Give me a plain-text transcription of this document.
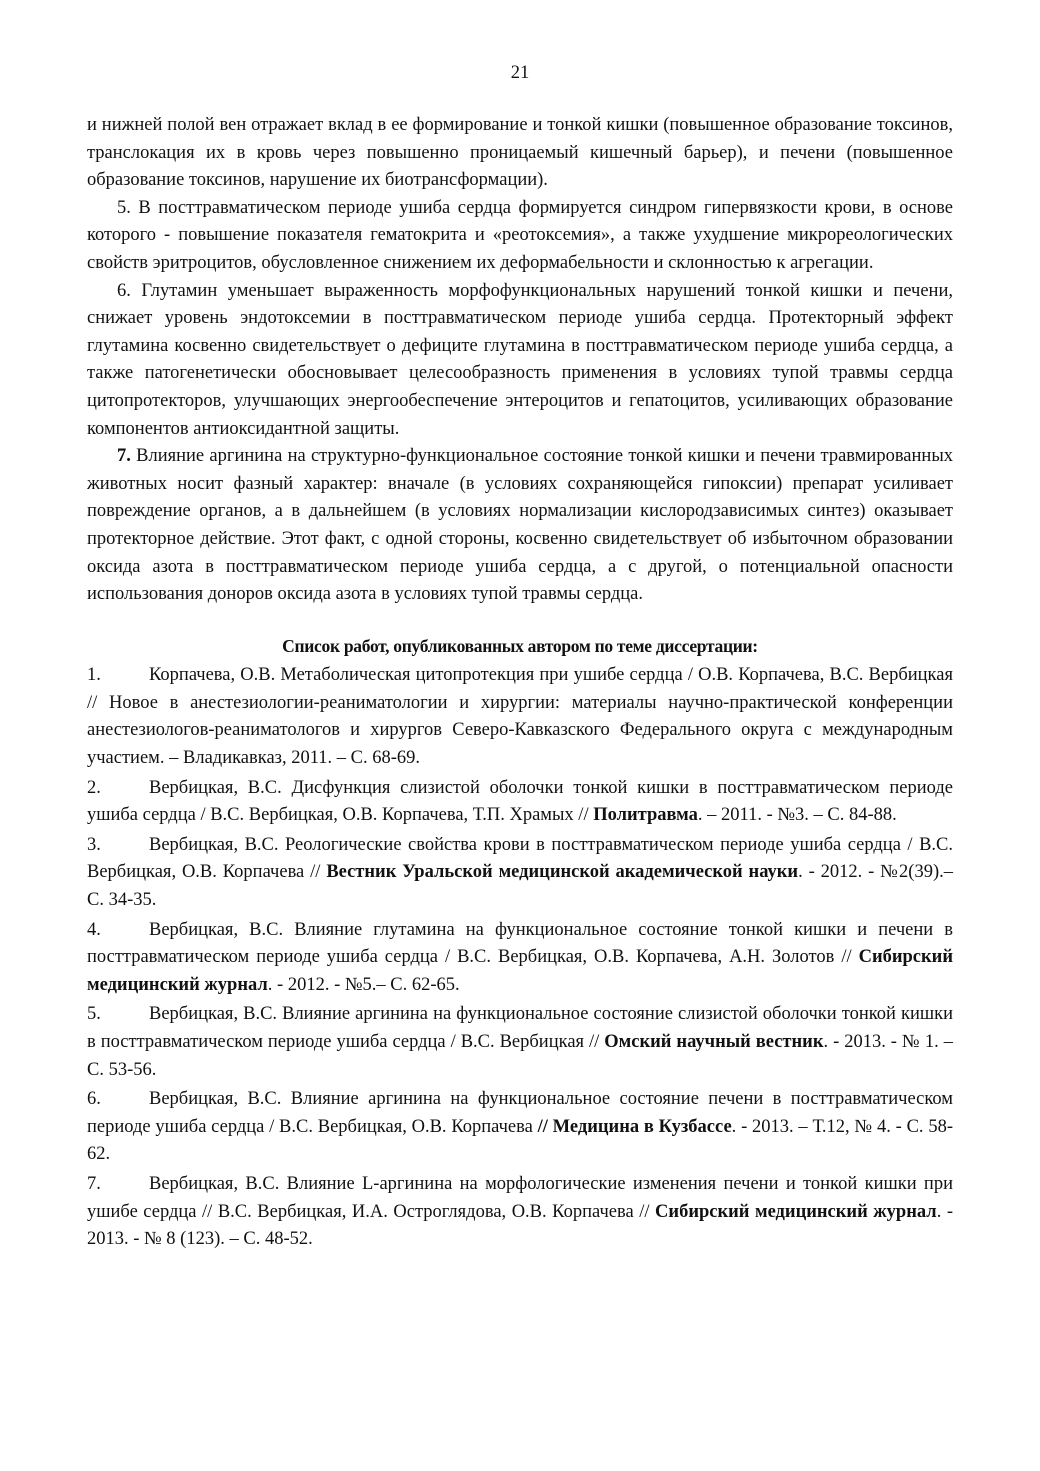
21

и нижней полой вен отражает вклад в ее формирование и тонкой кишки (повышенное образование токсинов, транслокация их в кровь через повышенно проницаемый кишечный барьер), и печени (повышенное образование токсинов, нарушение их биотрансформации).

5. В посттравматическом периоде ушиба сердца формируется синдром гипервязкости крови, в основе которого - повышение показателя гематокрита и «реотоксемия», а также ухудшение микрореологических свойств эритроцитов, обусловленное снижением их деформабельности и склонностью к агрегации.

6. Глутамин уменьшает выраженность морфофункциональных нарушений тонкой кишки и печени, снижает уровень эндотоксемии в посттравматическом периоде ушиба сердца. Протекторный эффект глутамина косвенно свидетельствует о дефиците глутамина в посттравматическом периоде ушиба сердца, а также патогенетически обосновывает целесообразность применения в условиях тупой травмы сердца цитопротекторов, улучшающих энергообеспечение энтероцитов и гепатоцитов, усиливающих образование компонентов антиоксидантной защиты.

7. Влияние аргинина на структурно-функциональное состояние тонкой кишки и печени травмированных животных носит фазный характер: вначале (в условиях сохраняющейся гипоксии) препарат усиливает повреждение органов, а в дальнейшем (в условиях нормализации кислородзависимых синтез) оказывает протекторное действие. Этот факт, с одной стороны, косвенно свидетельствует об избыточном образовании оксида азота в посттравматическом периоде ушиба сердца, а с другой, о потенциальной опасности использования доноров оксида азота в условиях тупой травмы сердца.

Список работ, опубликованных автором по теме диссертации:

1.	Корпачева, О.В. Метаболическая цитопротекция при ушибе сердца / О.В. Корпачева, В.С. Вербицкая // Новое в анестезиологии-реаниматологии и хирургии: материалы научно-практической конференции анестезиологов-реаниматологов и хирургов Северо-Кавказского Федерального округа с международным участием. – Владикавказ, 2011. – С. 68-69.

2.	Вербицкая, В.С. Дисфункция слизистой оболочки тонкой кишки в посттравматическом периоде ушиба сердца / В.С. Вербицкая, О.В. Корпачева, Т.П. Храмых // Политравма. – 2011. - №3. – С. 84-88.

3.	Вербицкая, В.С. Реологические свойства крови в посттравматическом периоде ушиба сердца / В.С. Вербицкая, О.В. Корпачева // Вестник Уральской медицинской академической науки. - 2012. - №2(39).– С. 34-35.

4.	Вербицкая, В.С. Влияние глутамина на функциональное состояние тонкой кишки и печени в посттравматическом периоде ушиба сердца / В.С. Вербицкая, О.В. Корпачева, А.Н. Золотов // Сибирский медицинский журнал. - 2012. - №5.– С. 62-65.

5.	Вербицкая, В.С. Влияние аргинина на функциональное состояние слизистой оболочки тонкой кишки в посттравматическом периоде ушиба сердца / В.С. Вербицкая // Омский научный вестник. - 2013. - № 1. – С. 53-56.

6.	Вербицкая, В.С. Влияние аргинина на функциональное состояние печени в посттравматическом периоде ушиба сердца / В.С. Вербицкая, О.В. Корпачева // Медицина в Кузбассе. - 2013. – Т.12, № 4. - С. 58-62.

7.	Вербицкая, В.С. Влияние L-аргинина на морфологические изменения печени и тонкой кишки при ушибе сердца // В.С. Вербицкая, И.А. Остроглядова, О.В. Корпачева // Сибирский медицинский журнал. - 2013. - № 8 (123). – С. 48-52.
